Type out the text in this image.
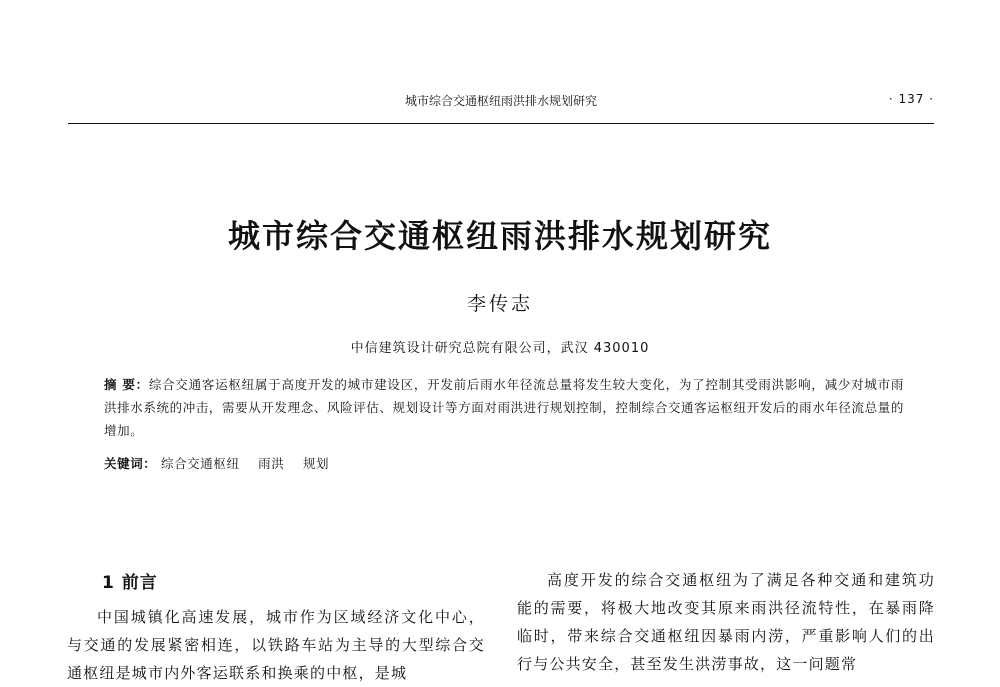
城市综合交通枢纽雨洪排水规划研究	· 137 ·
城市综合交通枢纽雨洪排水规划研究
李传志
中信建筑设计研究总院有限公司，武汉 430010
摘 要：综合交通客运枢纽属于高度开发的城市建设区，开发前后雨水年径流总量将发生较大变化，为了控制其受雨洪影响，减少对城市雨洪排水系统的冲击，需要从开发理念、风险评估、规划设计等方面对雨洪进行规划控制，控制综合交通客运枢纽开发后的雨水年径流总量的增加。
关键词： 综合交通枢纽 雨洪 规划
1 前言

中国城镇化高速发展，城市作为区域经济文化中心，与交通的发展紧密相连，以铁路车站为主导的大型综合交通枢纽是城市内外客运联系和换乘的中枢，是城

高度开发的综合交通枢纽为了满足各种交通和建筑功能的需要，将极大地改变其原来雨洪径流特性，在暴雨降临时，带来综合交通枢纽因暴雨内涝，严重影响人们的出行与公共安全，甚至发生洪涝事故，这一问题常
